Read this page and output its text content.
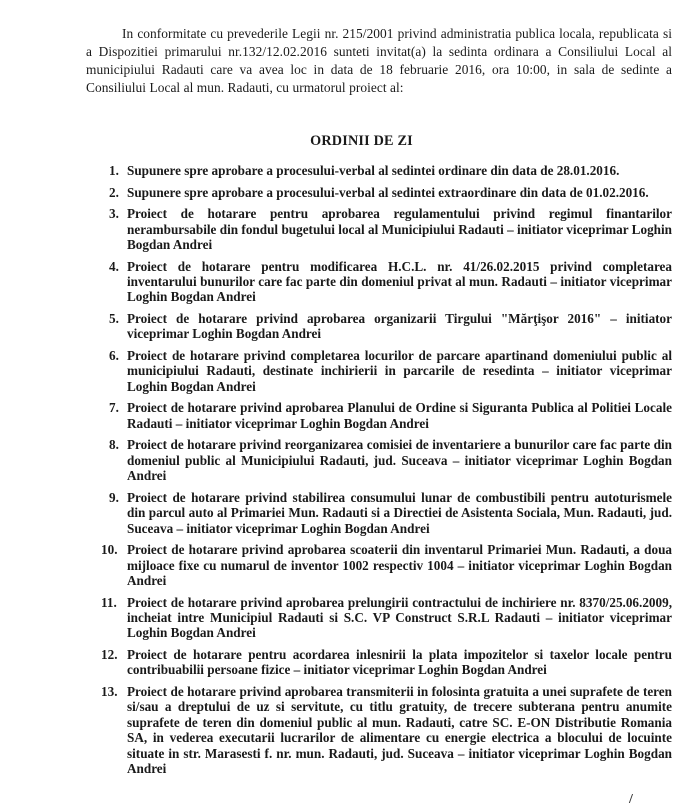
In conformitate cu prevederile Legii nr. 215/2001 privind administratia publica locala, republicata si a Dispozitiei primarului nr.132/12.02.2016 sunteti invitat(a) la sedinta ordinara a Consiliului Local al municipiului Radauti care va avea loc in data de 18 februarie 2016, ora 10:00, in sala de sedinte a Consiliului Local al mun. Radauti, cu urmatorul proiect al:

ORDINII DE ZI
1. Supunere spre aprobare a procesului-verbal al sedintei ordinare din data de 28.01.2016.
2. Supunere spre aprobare a procesului-verbal al sedintei extraordinare din data de 01.02.2016.
3. Proiect de hotarare pentru aprobarea regulamentului privind regimul finantarilor nerambursabile din fondul bugetului local al Municipiului Radauti – initiator viceprimar Loghin Bogdan Andrei
4. Proiect de hotarare pentru modificarea H.C.L. nr. 41/26.02.2015 privind completarea inventarului bunurilor care fac parte din domeniul privat al mun. Radauti – initiator viceprimar Loghin Bogdan Andrei
5. Proiect de hotarare privind aprobarea organizarii Tirgului "Mărţişor 2016" – initiator viceprimar Loghin Bogdan Andrei
6. Proiect de hotarare privind completarea locurilor de parcare apartinand domeniului public al municipiului Radauti, destinate inchirierii in parcarile de resedinta – initiator viceprimar Loghin Bogdan Andrei
7. Proiect de hotarare privind aprobarea Planului de Ordine si Siguranta Publica al Politiei Locale Radauti – initiator viceprimar Loghin Bogdan Andrei
8. Proiect de hotarare privind reorganizarea comisiei de inventariere a bunurilor care fac parte din domeniul public al Municipiului Radauti, jud. Suceava – initiator viceprimar Loghin Bogdan Andrei
9. Proiect de hotarare privind stabilirea consumului lunar de combustibili pentru autoturismele din parcul auto al Primariei Mun. Radauti si a Directiei de Asistenta Sociala, Mun. Radauti, jud. Suceava – initiator viceprimar Loghin Bogdan Andrei
10. Proiect de hotarare privind aprobarea scoaterii din inventarul Primariei Mun. Radauti, a doua mijloace fixe cu numarul de inventor 1002 respectiv 1004 – initiator viceprimar Loghin Bogdan Andrei
11. Proiect de hotarare privind aprobarea prelungirii contractului de inchiriere nr. 8370/25.06.2009, incheiat intre Municipiul Radauti si S.C. VP Construct S.R.L Radauti – initiator viceprimar Loghin Bogdan Andrei
12. Proiect de hotarare pentru acordarea inlesnirii la plata impozitelor si taxelor locale pentru contribuabilii persoane fizice – initiator viceprimar Loghin Bogdan Andrei
13. Proiect de hotarare privind aprobarea transmiterii in folosinta gratuita a unei suprafete de teren si/sau a dreptului de uz si servitute, cu titlu gratuity, de trecere subterana pentru anumite suprafete de teren din domeniul public al mun. Radauti, catre SC. E-ON Distributie Romania SA, in vederea executarii lucrarilor de alimentare cu energie electrica a blocului de locuinte situate in str. Marasesti f. nr. mun. Radauti, jud. Suceava – initiator viceprimar Loghin Bogdan Andrei
/
